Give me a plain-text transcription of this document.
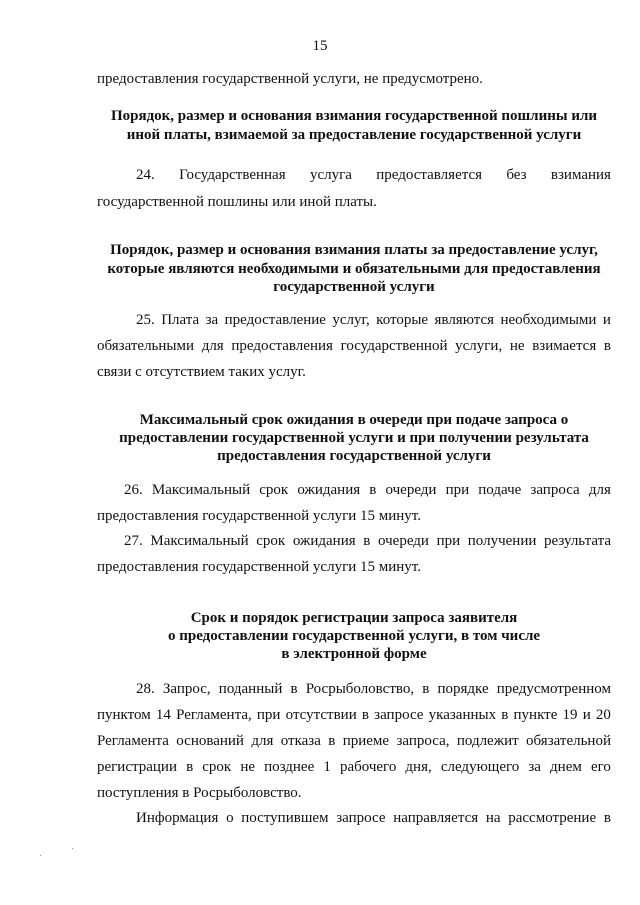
15
предоставления государственной услуги, не предусмотрено.
Порядок, размер и основания взимания государственной пошлины или
иной платы, взимаемой за предоставление государственной услуги
24. Государственная услуга предоставляется без взимания
государственной пошлины или иной платы.
Порядок, размер и основания взимания платы за предоставление услуг,
которые являются необходимыми и обязательными для предоставления
государственной услуги
25. Плата за предоставление услуг, которые являются необходимыми и
обязательными для предоставления государственной услуги, не взимается в
связи с отсутствием таких услуг.
Максимальный срок ожидания в очереди при подаче запроса о
предоставлении государственной услуги и при получении результата
предоставления государственной услуги
26. Максимальный срок ожидания в очереди при подаче запроса для
предоставления государственной услуги 15 минут.
27. Максимальный срок ожидания в очереди при получении результата
предоставления государственной услуги 15 минут.
Срок и порядок регистрации запроса заявителя
о предоставлении государственной услуги, в том числе
в электронной форме
28. Запрос, поданный в Росрыболовство, в порядке предусмотренном
пунктом 14 Регламента, при отсутствии в запросе указанных в пункте 19 и 20
Регламента оснований для отказа в приеме запроса, подлежит обязательной
регистрации в срок не позднее 1 рабочего дня, следующего за днем его
поступления в Росрыболовство.
Информация о поступившем запросе направляется на рассмотрение в
